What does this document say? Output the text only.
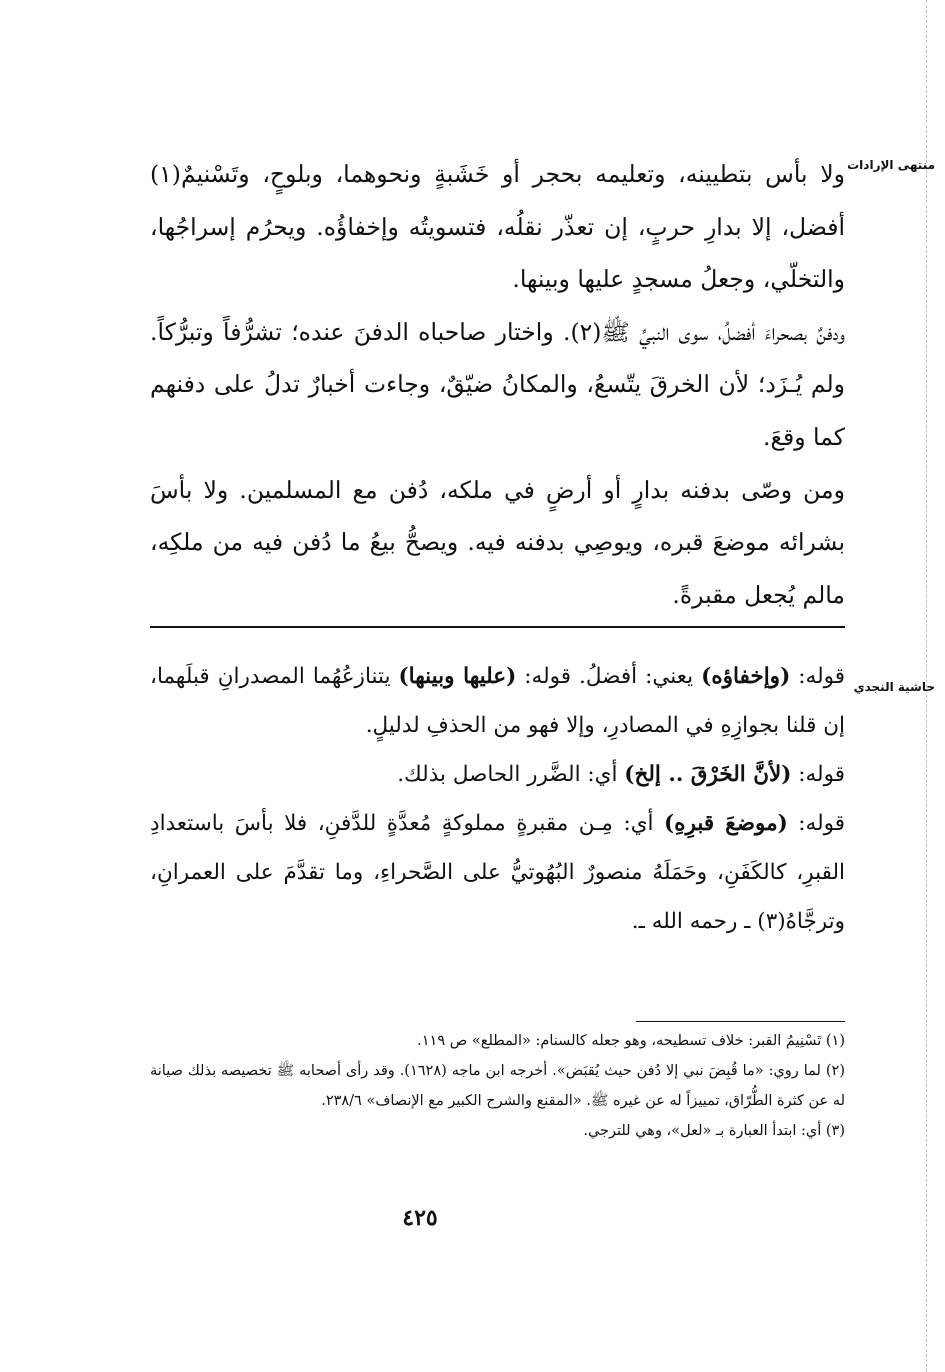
منتهى الإرادات
حاشية النجدي

ولا بأس بتطيينه، وتعليمه بحجر أو خَشَبةٍ ونحوهما، وبلوحٍ، وتَسْنيمٌ(١) أفضل، إلا بدارِ حربٍ، إن تعذّر نقلُه، فتسويتُه وإخفاؤُه. ويحرُم إسراجُها، والتخلّي، وجعلُ مسجدٍ عليها وبينها.

ودفنٌ بصحراءَ أفضلُ، سوى النبيِّ ﷺ(٢). واختار صاحباه الدفنَ عنده؛ تشرُّفاً وتبرُّكاً. ولم يُـزَد؛ لأن الخرقَ يتّسعُ، والمكانُ ضيّقٌ، وجاءت أخبارٌ تدلُ على دفنهم كما وقعَ.

ومن وصّى بدفنه بدارٍ أو أرضٍ في ملكه، دُفن مع المسلمين. ولا بأسَ بشرائه موضعَ قبره، ويوصِي بدفنه فيه. ويصحُّ بيعُ ما دُفن فيه من ملكِه، مالم يُجعل مقبرةً.

قوله: (وإخفاؤه) يعني: أفضلُ. قوله: (عليها وبينها) يتنازعُهُما المصدرانِ قبلَهما، إن قلنا بجوازِهِ في المصادرِ، وإلا فهو من الحذفِ لدليلٍ.

قوله: (لأنَّ الخَرْقَ .. إلخ) أي: الضَّرر الحاصل بذلك.

قوله: (موضعَ قبرِهِ) أي: مِـن مقبرةٍ مملوكةٍ مُعدَّةٍ للدَّفنِ، فلا بأسَ باستعدادِ القبرِ، كالكَفَنِ، وحَمَلَهُ منصورٌ البُهُوتيُّ على الصَّحراءِ، وما تقدَّمَ على العمرانِ، وترجَّاهُ(٣) ـ رحمه الله ـ.

(١) تَسْنِيمُ القبر: خلاف تسطيحه، وهو جعله كالسنام: «المطلع» ص ١١٩.

(٢) لما روي: «ما قُبِضَ نبي إلا دُفن حيث يُقبَض». أخرجه ابن ماجه (١٦٢٨). وقد رأى أصحابه ﷺ تخصيصه بذلك صيانة له عن كثرة الطُّرّاق، تمييزاً له عن غيره ﷺ. «المقنع والشرح الكبير مع الإنصاف» ٢٣٨/٦.

(٣) أي: ابتدأ العبارة بـ «لعل»، وهي للترجي.

٤٢٥
